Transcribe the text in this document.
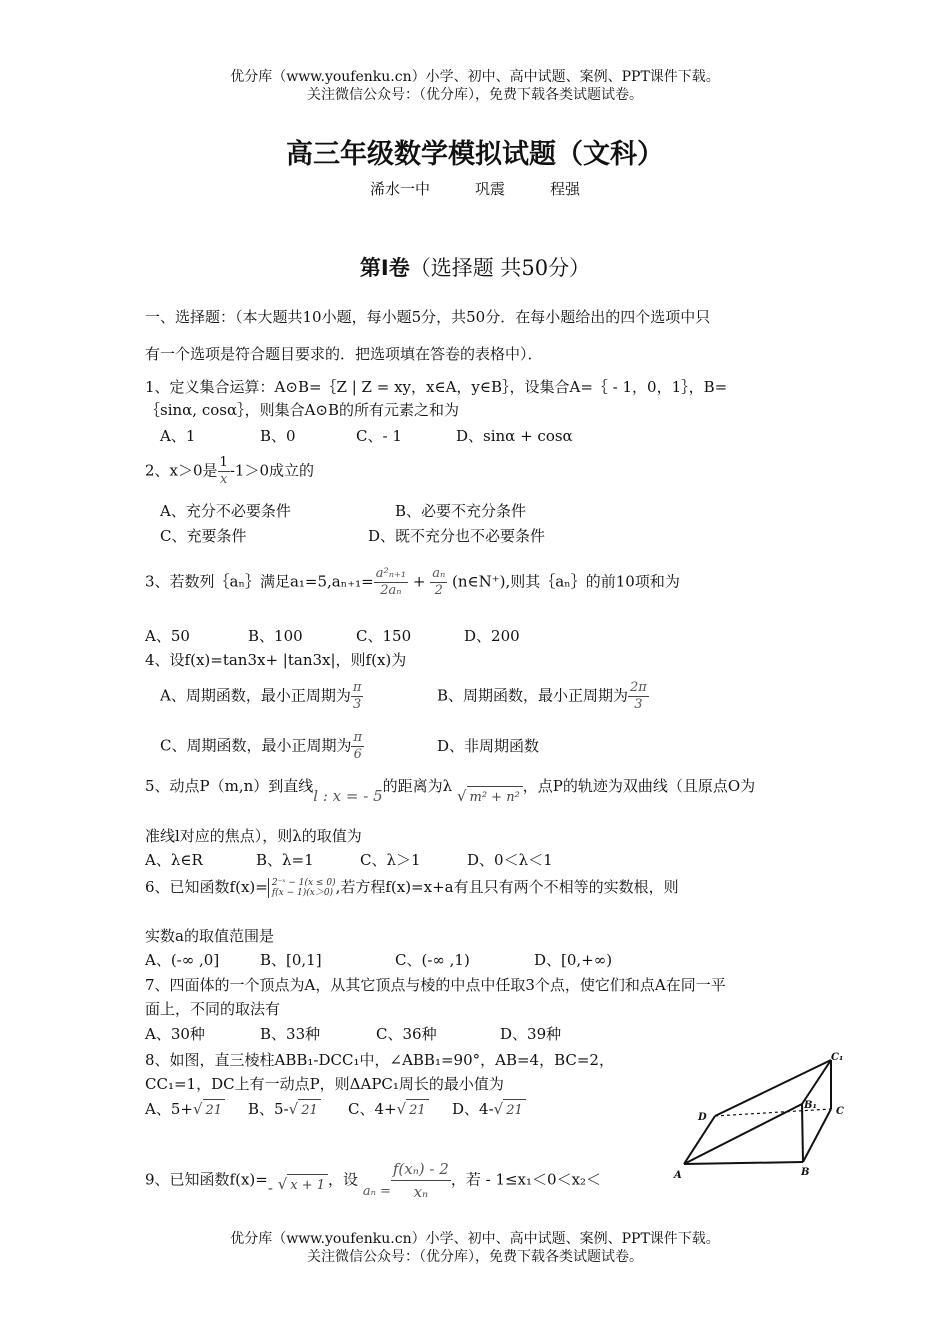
优分库（www.youfenku.cn）小学、初中、高中试题、案例、PPT课件下载。
关注微信公众号：（优分库），免费下载各类试题试卷。
高三年级数学模拟试题（文科）
浠水一中　　　巩震　　　程强
第Ⅰ卷（选择题 共50分）
一、选择题：（本大题共10小题，每小题5分，共50分．在每小题给出的四个选项中只
有一个选项是符合题目要求的．把选项填在答卷的表格中）．
1、定义集合运算：A⊙B=｛Z | Z = xy，x∈A，y∈B｝，设集合A=｛ - 1，0，1｝，B=
｛sinα, cosα｝，则集合A⊙B的所有元素之和为
A、1	B、0	C、- 1	D、sinα + cosα
2、x＞0是 $\frac{1}{x} -1>0$成立的
A、充分不必要条件	B、必要不充分条件
C、充要条件	D、既不充分也不必要条件
3、若数列｛aₙ｝满足$a_1=5,a_{n+1}= \frac{\text{a²ₙ₊₁}}{\text{2aₙ}} + \frac{\text{aₙ}}{2}$ (n∈N⁺),则其｛aₙ｝的前10项和为
A、50	B、100	C、150	D、200
4、设f(x)=tan3x+ |tan3x|，则f(x)为
A、周期函数，最小正周期为 $\frac{\pi}{3}$	B、周期函数，最小正周期为 $\frac{2\pi}{3}$
C、周期函数，最小正周期为 $\frac{\pi}{6}$	D、非周期函数
5、动点P（m,n）到直线l : x = - 5的距离为λ √ m² + n²，点P的轨迹为双曲线（且原点O为
准线l对应的焦点），则λ的取值为
A、λ∈R	B、λ=1	C、λ＞1	D、0＜λ＜1
6、已知函数f(x)= 2⁻ˣ − 1(x ≤ 0)
f(x − 1)(x＞0) ,若方程f(x)=x+a有且只有两个不相等的实数根，则
实数a的取值范围是
A、(-∞ ,0]	B、[0,1]	C、(-∞ ,1)	D、[0,+∞)
7、四面体的一个顶点为A，从其它顶点与棱的中点中任取3个点，使它们和点A在同一平
面上，不同的取法有
A、30种	B、33种	C、36种	D、39种
8、如图，直三棱柱ABB₁-DCC₁中，∠ABB₁=90°，AB=4，BC=2，
CC₁=1，DC上有一动点P，则ΔAPC₁周长的最小值为
A、5+√ 21 B、5-√ 21 C、4+√ 21 D、4-√ 21
C₁
D
B₁
C
A	B
9、已知函数f(x)=- √ x + 1 ，设 $a_n = \frac{\text{f(xₙ) - 2}}{\text{xₙ}}$ ，若 - 1≤x₁＜0＜x₂＜
优分库（www.youfenku.cn）小学、初中、高中试题、案例、PPT课件下载。
关注微信公众号：（优分库），免费下载各类试题试卷。
